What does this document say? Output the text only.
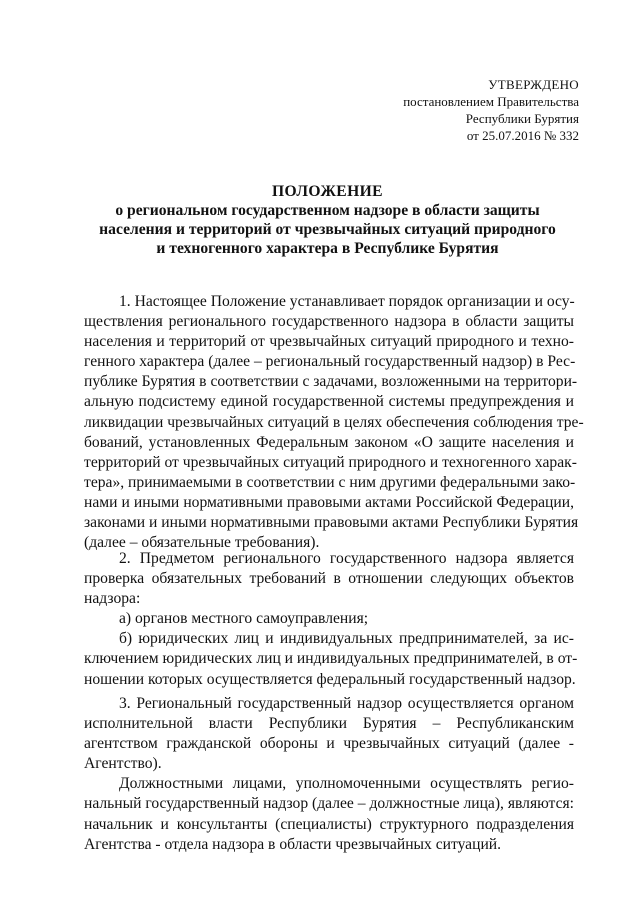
УТВЕРЖДЕНО
постановлением Правительства
Республики Бурятия
от 25.07.2016 № 332
ПОЛОЖЕНИЕ
о региональном государственном надзоре в области защиты
населения и территорий от чрезвычайных ситуаций природного
и техногенного характера в Республике Бурятия
1. Настоящее Положение устанавливает порядок организации и осу-
ществления регионального государственного надзора в области защиты
населения и территорий от чрезвычайных ситуаций природного и техно-
генного характера (далее – региональный государственный надзор) в Рес-
публике Бурятия в соответствии с задачами, возложенными на территори-
альную подсистему единой государственной системы предупреждения и
ликвидации чрезвычайных ситуаций в целях обеспечения соблюдения тре-
бований, установленных Федеральным законом «О защите населения и
территорий от чрезвычайных ситуаций природного и техногенного харак-
тера», принимаемыми в соответствии с ним другими федеральными зако-
нами и иными нормативными правовыми актами Российской Федерации,
законами и иными нормативными правовыми актами Республики Бурятия
(далее – обязательные требования).
2. Предметом регионального государственного надзора является
проверка обязательных требований в отношении следующих объектов
надзора:
а) органов местного самоуправления;
б) юридических лиц и индивидуальных предпринимателей, за ис-
ключением юридических лиц и индивидуальных предпринимателей, в от-
ношении которых осуществляется федеральный государственный надзор.
3. Региональный государственный надзор осуществляется органом
исполнительной власти Республики Бурятия – Республиканским
агентством гражданской обороны и чрезвычайных ситуаций (далее -
Агентство).
Должностными лицами, уполномоченными осуществлять регио-
нальный государственный надзор (далее – должностные лица), являются:
начальник и консультанты (специалисты) структурного подразделения
Агентства - отдела надзора в области чрезвычайных ситуаций.
